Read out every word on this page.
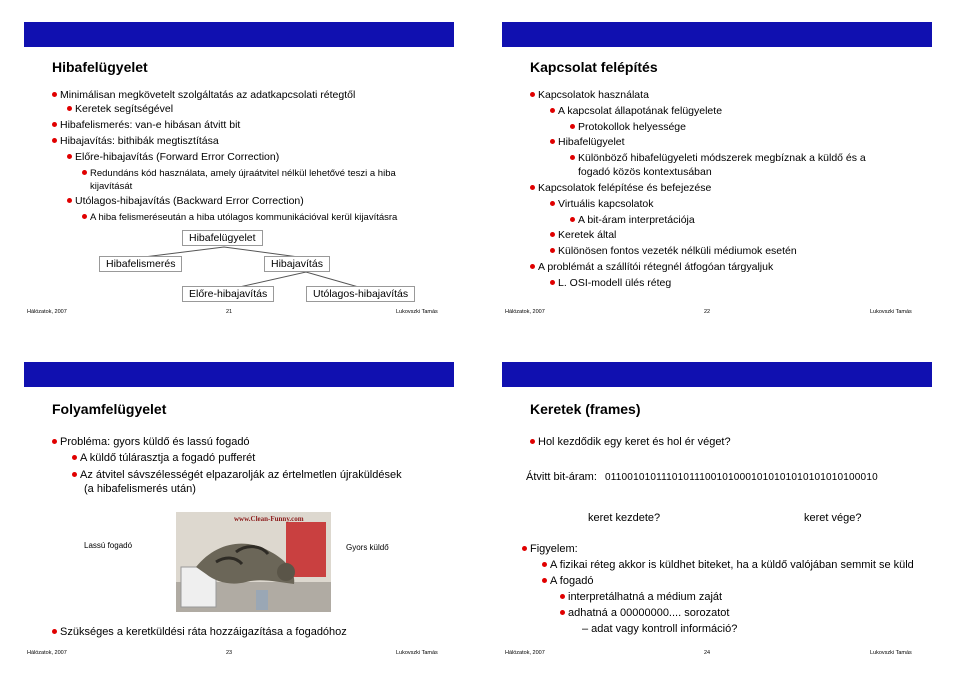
Hibafelügyelet
Minimálisan megkövetelt szolgáltatás az adatkapcsolati rétegtől
Keretek segítségével
Hibafelismerés: van-e hibásan átvitt bit
Hibajavítás: bithibák megtisztítása
Előre-hibajavítás (Forward Error Correction)
Redundáns kód használata, amely újraátvitel nélkül lehetővé teszi a hiba
kijavítását
Utólagos-hibajavítás (Backward Error Correction)
A hiba felismeréseután a hiba utólagos kommunikációval kerül kijavításra
Hibafelügyelet
Hibafelismerés	Hibajavítás
Előre-hibajavítás	Utólagos-hibajavítás
Hálózatok, 2007	21	Lukovszki Tamás
Kapcsolat felépítés
Kapcsolatok használata
A kapcsolat állapotának felügyelete
Protokollok helyessége
Hibafelügyelet
Különböző hibafelügyeleti módszerek megbíznak a küldő és a
fogadó közös kontextusában
Kapcsolatok felépítése és befejezése
Virtuális kapcsolatok
A bit-áram interpretációja
Keretek által
Különösen fontos vezeték nélküli médiumok esetén
A problémát a szállítói rétegnél átfogóan tárgyaljuk
L. OSI-modell ülés réteg
Hálózatok, 2007	22	Lukovszki Tamás
Folyamfelügyelet
Probléma: gyors küldő és lassú fogadó
A küldő túlárasztja a fogadó pufferét
Az átvitel sávszélességét elpazarolják az értelmetlen újraküldések
(a hibafelismerés után)
Lassú fogadó	Gyors küldő
www.Clean-Funny.com
Szükséges a keretküldési ráta hozzáigazítása a fogadóhoz
Hálózatok, 2007	23	Lukovszki Tamás
Keretek (frames)
Hol kezdődik egy keret és hol ér véget?
Átvitt bit-áram: 011001010111010111001010001010101010101010100010
keret kezdete?	keret vége?
Figyelem:
A fizikai réteg akkor is küldhet biteket, ha a küldő valójában semmit se küld
A fogadó
interpretálhatná a médium zaját
adhatná a 00000000.... sorozatot
– adat vagy kontroll információ?
Hálózatok, 2007	24	Lukovszki Tamás
